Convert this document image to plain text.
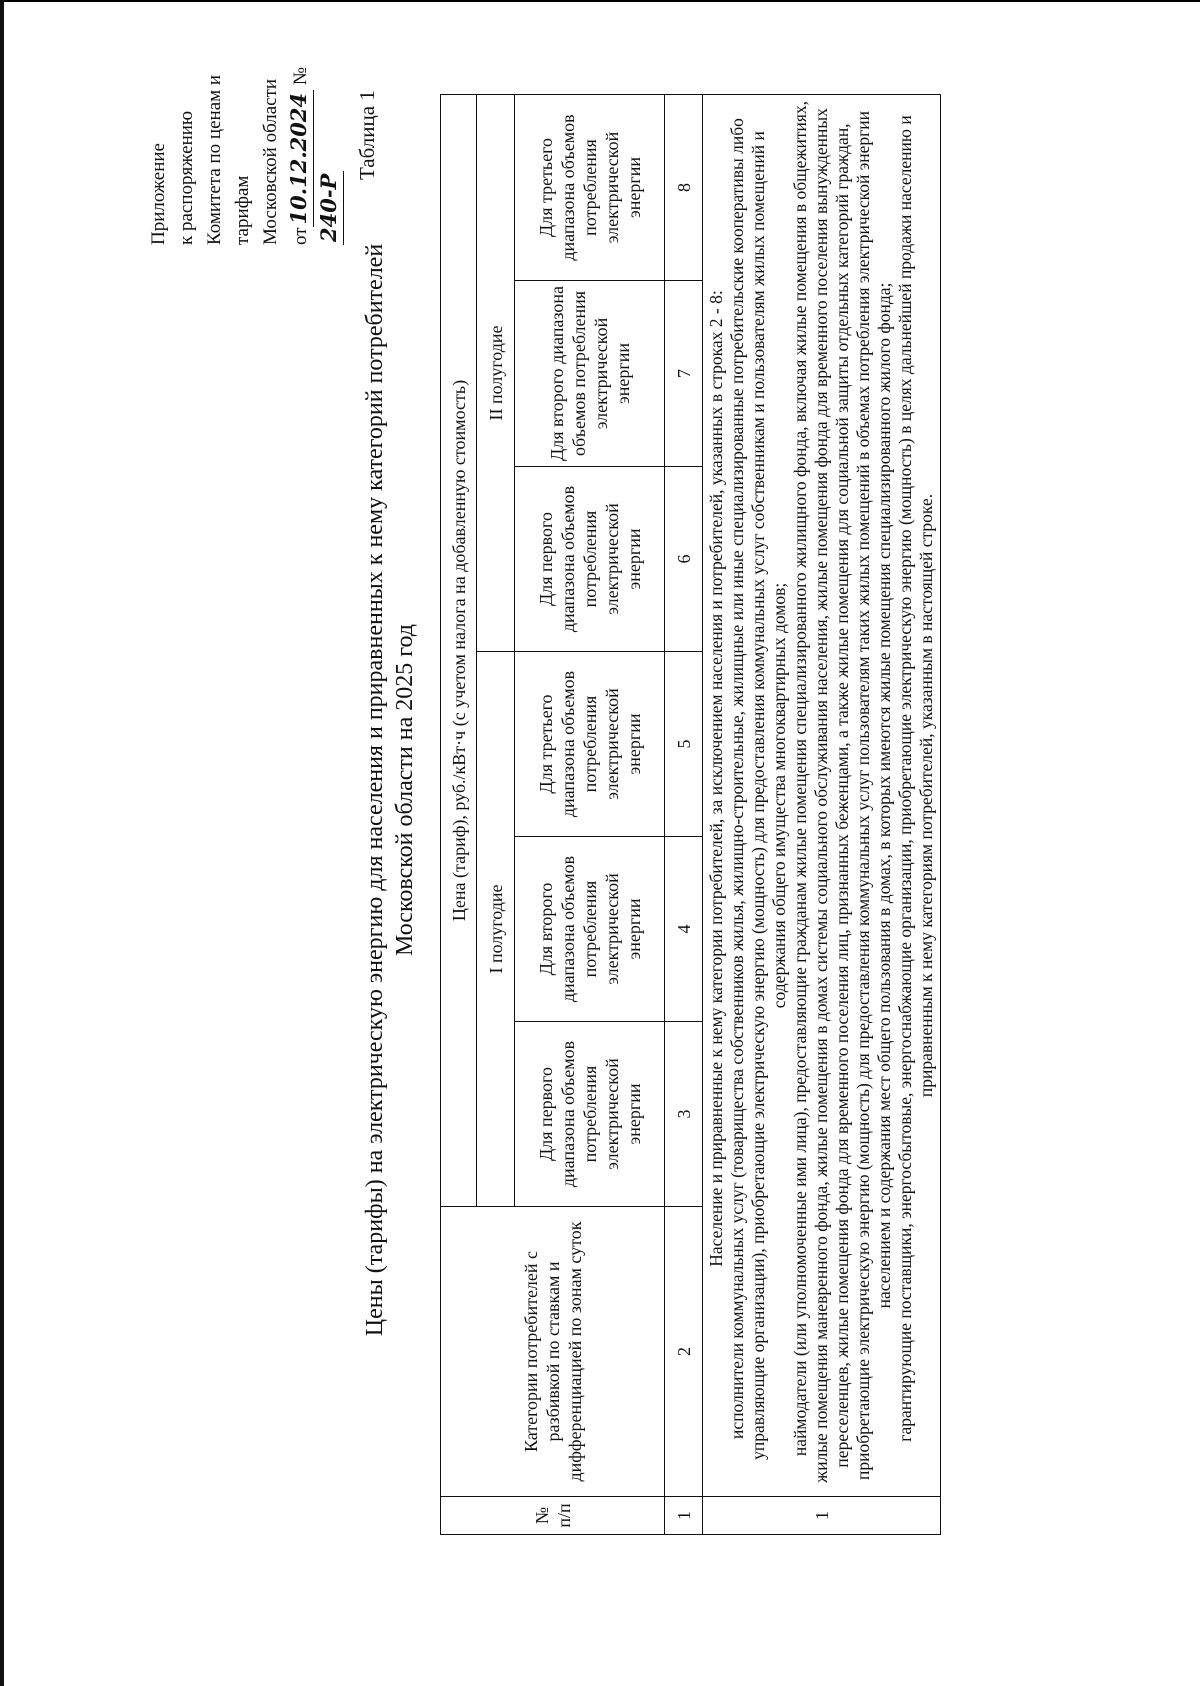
Приложение к распоряжению Комитета по ценам и тарифам Московской области от10.12.2024 № 240-Р
Таблица 1
Цены (тарифы) на электрическую энергию для населения и приравненных к нему категорий потребителей Московской области на 2025 год
№ п/п	Категории потребителей с разбивкой по ставкам и дифференциацией по зонам суток	Цена (тариф), руб./кВт·ч (с учетом налога на добавленную стоимость)					
		I полугодие			II полугодие		
		Для первого диапазона объемов потребления электрической энергии	Для второго диапазона объемов потребления электрической энергии	Для третьего диапазона объемов потребления электрической энергии	Для первого диапазона объемов потребления электрической энергии	Для второго диапазона объемов потребления электрической энергии	Для третьего диапазона объемов потребления электрической энергии
1	2	3	4	5	6	7	8
1	Население и приравненные к нему категории потребителей, за исключением населения и потребителей, указанных в строках 2 - 8: исполнители коммунальных услуг (товарищества собственников жилья, жилищно-строительные, жилищные или иные специализированные потребительские кооперативы либо управляющие организации), приобретающие электрическую энергию (мощность) для предоставления коммунальных услуг собственникам и пользователям жилых помещений и содержания общего имущества многоквартирных домов; наймодатели (или уполномоченные ими лица), предоставляющие гражданам жилые помещения специализированного жилищного фонда, включая жилые помещения в общежитиях, жилые помещения маневренного фонда, жилые помещения в домах системы социального обслуживания населения, жилые помещения фонда для временного поселения вынужденных переселенцев, жилые помещения фонда для временного поселения лиц, признанных беженцами, а также жилые помещения для социальной защиты отдельных категорий граждан, приобретающие электрическую энергию (мощность) для предоставления коммунальных услуг пользователям таких жилых помещений в объемах потребления электрической энергии населением и содержания мест общего пользования в домах, в которых имеются жилые помещения специализированного жилого фонда; гарантирующие поставщики, энергосбытовые, энергоснабжающие организации, приобретающие электрическую энергию (мощность) в целях дальнейшей продажи населению и приравненным к нему категориям потребителей, указанным в настоящей строке.						
